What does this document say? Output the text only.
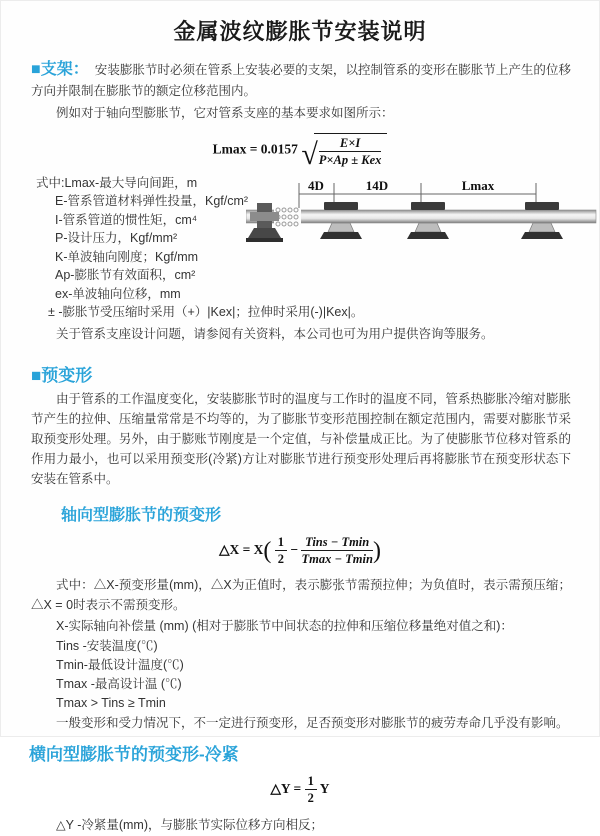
金属波纹膨胀节安装说明

■支架： 安装膨胀节时必须在管系上安装必要的支架，以控制管系的变形在膨胀节上产生的位移方向并限制在膨胀节的额定位移范围内。

例如对于轴向型膨胀节，它对管系支座的基本要求如图所示：

Lmax = 0.0157 √ $\frac{E\times I}{\text{P×Ap ± Kex}}$
式中:Lmax-最大导向间距，m
E-管系管道材料弹性投量，Kgf/cm²
I-管系管道的惯性矩，cm⁴
P-设计压力，Kgf/mm²
K-单波轴向刚度；Kgf/mm
Ap-膨胀节有效面积，cm²
ex-单波轴向位移，mm
± -膨胀节受压缩时采用（+）|Kex|；拉伸时采用(-)|Kex|。
4D	14D	Lmax

关于管系支座设计问题，请参阅有关资料，本公司也可为用户提供咨询等服务。

■预变形

由于管系的工作温度变化，安装膨胀节时的温度与工作时的温度不同，管系热膨胀冷缩对膨胀节产生的拉伸、压缩量常常是不均等的，为了膨胀节变形范围控制在额定范围内，需要对膨胀节采取预变形处理。另外，由于膨账节刚度是一个定值，与补偿量成正比。为了使膨胀节位移对管系的作用力最小，也可以采用预变形(冷紧)方让对膨胀节进行预变形处理后再将膨胀节在预变形状态下安装在管系中。

轴向型膨胀节的预变形
△X = $X( \frac{1}{2} - \frac{\text{Tins − Tmin}}{Tmax - Tmin}$ )

式中：△X-预变形量(mm)，△X为正值时，表示膨张节需预拉伸；为负值时，表示需预压缩；△X = 0时表示不需预变形。

X-实际轴向补偿量 (mm) (相对于膨胀节中间状态的拉伸和压缩位移量绝对值之和)：

Tins -安装温度(℃)
Tmin-最低设计温度(℃)
Tmax -最高设计温 (℃)
Tmax > Tins ≥ Tmin

一般变形和受力情况下，不一定进行预变形，足否预变形对膨胀节的疲劳寿命几乎没有影响。

横向型膨胀节的预变形-冷紧
△Y = $\frac{1}{2}$ Y

△Y -冷紧量(mm)，与膨胀节实际位移方向相反；
